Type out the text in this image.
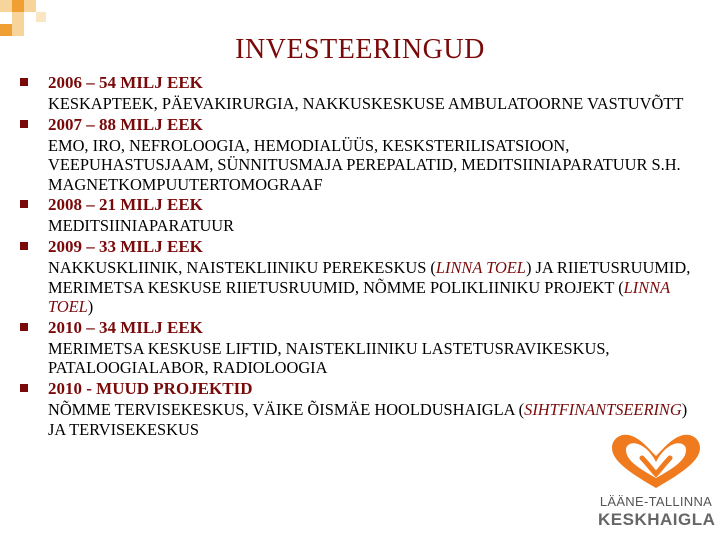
INVESTEERINGUD
2006 – 54 MILJ EEK
KESKAPTEEK, PÄEVAKIRURGIA, NAKKUSKESKUSE AMBULATOORNE VASTUVÕTT
2007 – 88 MILJ EEK
EMO, IRO, NEFROLOOGIA, HEMODIALÜÜS, KESKSTERILISATSIOON, VEEPUHASTUSJAAM, SÜNNITUSMAJA PEREPALATID, MEDITSIINIAPARATUUR S.H. MAGNETKOMPUUTERTOMOGRAAF
2008 – 21 MILJ EEK
MEDITSIINIAPARATUUR
2009 – 33 MILJ EEK
NAKKUSKLIINIK, NAISTEKLIINIKU PEREKESKUS (LINNA TOEL) JA RIIETUSRUUMID, MERIMETSA KESKUSE RIIETUSRUUMID, NÕMME POLIKLIINIKU PROJEKT (LINNA TOEL)
2010 – 34 MILJ EEK
MERIMETSA KESKUSE LIFTID, NAISTEKLIINIKU LASTETUSRAVIKESKUS, PATALOOGIALABOR, RADIOLOOGIA
2010 - MUUD PROJEKTID
NÕMME TERVISEKESKUS, VÄIKE ÕISMÄE HOOLDUSHAIGLA (SIHTFINANTSEERING) JA TERVISEKESKUS
LÄÄNE-TALLINNA
KESKHAIGLA
